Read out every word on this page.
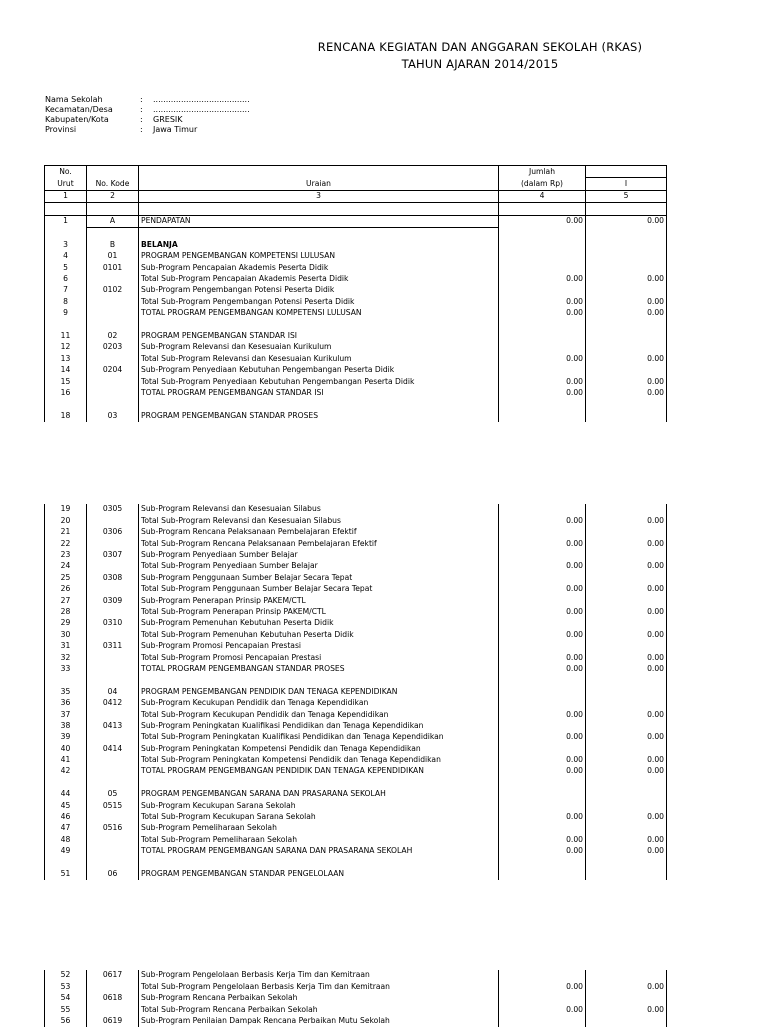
RENCANA KEGIATAN DAN ANGGARAN SEKOLAH (RKAS)
TAHUN AJARAN 2014/2015
Nama Sekolah	:	......................................
Kecamatan/Desa	:	......................................
Kabupaten/Kota	:	GRESIK
Provinsi	:	Jawa Timur
No.			Jumlah	
Urut	No. Kode	Uraian	(dalam Rp)	I
1	2	3	4	5

1	A	PENDAPATAN	0.00	0.00

3	B	BELANJA		
4	01	PROGRAM PENGEMBANGAN KOMPETENSI LULUSAN		
5	0101	Sub-Program Pencapaian Akademis Peserta Didik		
6		Total Sub-Program Pencapaian Akademis Peserta Didik	0.00	0.00
7	0102	Sub-Program Pengembangan Potensi Peserta Didik		
8		Total Sub-Program Pengembangan Potensi Peserta Didik	0.00	0.00
9		TOTAL PROGRAM PENGEMBANGAN KOMPETENSI LULUSAN	0.00	0.00

11	02	PROGRAM PENGEMBANGAN STANDAR ISI		
12	0203	Sub-Program Relevansi dan Kesesuaian Kurikulum		
13		Total Sub-Program Relevansi dan Kesesuaian Kurikulum	0.00	0.00
14	0204	Sub-Program Penyediaan Kebutuhan Pengembangan Peserta Didik		
15		Total Sub-Program Penyediaan Kebutuhan Pengembangan Peserta Didik	0.00	0.00
16		TOTAL PROGRAM PENGEMBANGAN STANDAR ISI	0.00	0.00

18	03	PROGRAM PENGEMBANGAN STANDAR PROSES		
19	0305	Sub-Program Relevansi dan Kesesuaian Silabus		
20		Total Sub-Program Relevansi dan Kesesuaian Silabus	0.00	0.00
21	0306	Sub-Program Rencana Pelaksanaan Pembelajaran Efektif		
22		Total Sub-Program Rencana Pelaksanaan Pembelajaran Efektif	0.00	0.00
23	0307	Sub-Program Penyediaan Sumber Belajar		
24		Total Sub-Program Penyediaan Sumber Belajar	0.00	0.00
25	0308	Sub-Program Penggunaan Sumber Belajar Secara Tepat		
26		Total Sub-Program Penggunaan Sumber Belajar Secara Tepat	0.00	0.00
27	0309	Sub-Program Penerapan Prinsip PAKEM/CTL		
28		Total Sub-Program Penerapan Prinsip PAKEM/CTL	0.00	0.00
29	0310	Sub-Program Pemenuhan Kebutuhan Peserta Didik		
30		Total Sub-Program Pemenuhan Kebutuhan Peserta Didik	0.00	0.00
31	0311	Sub-Program Promosi Pencapaian Prestasi		
32		Total Sub-Program Promosi Pencapaian Prestasi	0.00	0.00
33		TOTAL PROGRAM PENGEMBANGAN STANDAR PROSES	0.00	0.00

35	04	PROGRAM PENGEMBANGAN PENDIDIK DAN TENAGA KEPENDIDIKAN		
36	0412	Sub-Program Kecukupan Pendidik dan Tenaga Kependidikan		
37		Total Sub-Program Kecukupan Pendidik dan Tenaga Kependidikan	0.00	0.00
38	0413	Sub-Program Peningkatan Kualifikasi Pendidikan dan Tenaga Kependidikan		
39		Total Sub-Program Peningkatan Kualifikasi Pendidikan dan Tenaga Kependidikan	0.00	0.00
40	0414	Sub-Program Peningkatan Kompetensi Pendidik dan Tenaga Kependidikan		
41		Total Sub-Program Peningkatan Kompetensi Pendidik dan Tenaga Kependidikan	0.00	0.00
42		TOTAL PROGRAM PENGEMBANGAN PENDIDIK DAN TENAGA KEPENDIDIKAN	0.00	0.00

44	05	PROGRAM PENGEMBANGAN SARANA DAN PRASARANA SEKOLAH		
45	0515	Sub-Program Kecukupan Sarana Sekolah		
46		Total Sub-Program Kecukupan Sarana Sekolah	0.00	0.00
47	0516	Sub-Program Pemeliharaan Sekolah		
48		Total Sub-Program Pemeliharaan Sekolah	0.00	0.00
49		TOTAL PROGRAM PENGEMBANGAN SARANA DAN PRASARANA SEKOLAH	0.00	0.00

51	06	PROGRAM PENGEMBANGAN STANDAR PENGELOLAAN		
52	0617	Sub-Program Pengelolaan Berbasis Kerja Tim dan Kemitraan		
53		Total Sub-Program Pengelolaan Berbasis Kerja Tim dan Kemitraan	0.00	0.00
54	0618	Sub-Program Rencana Perbaikan Sekolah		
55		Total Sub-Program Rencana Perbaikan Sekolah	0.00	0.00
56	0619	Sub-Program Penilaian Dampak Rencana Perbaikan Mutu Sekolah		
